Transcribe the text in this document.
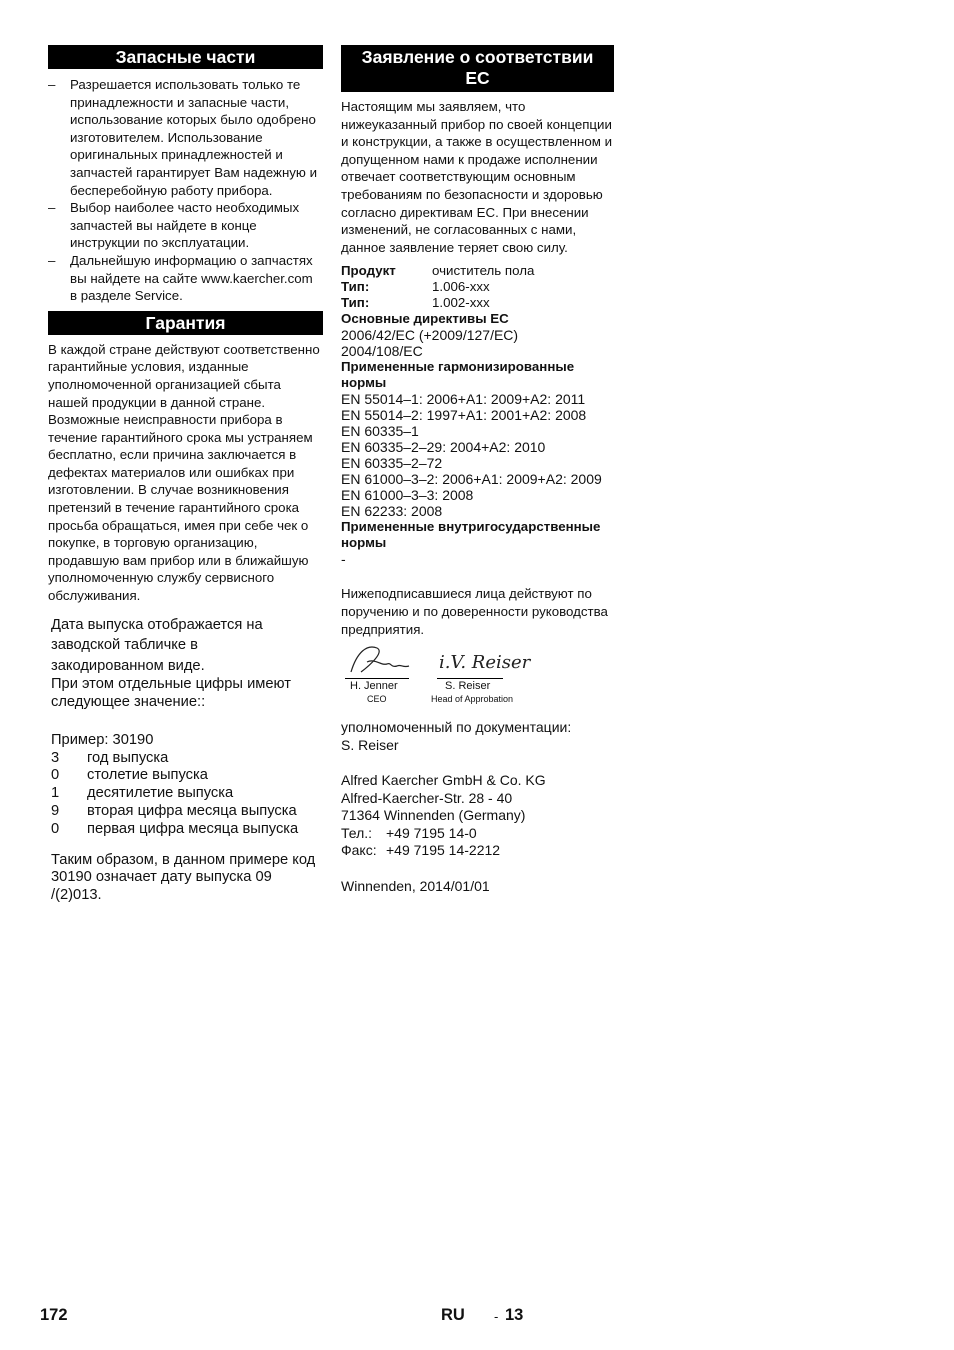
Запасные части
– Разрешается использовать только те принадлежности и запасные части, использование которых было одобрено изготовителем. Использование оригинальных принадлежностей и запчастей гарантирует Вам надежную и бесперебойную работу прибора.
– Выбор наиболее часто необходимых запчастей вы найдете в конце инструкции по эксплуатации.
– Дальнейшую информацию о запчастях вы найдете на сайте www.kaercher.com в разделе Service.
Гарантия

В каждой стране действуют соответственно гарантийные условия, изданные уполномоченной организацией сбыта нашей продукции в данной стране. Возможные неисправности прибора в течение гарантийного срока мы устраняем бесплатно, если причина заключается в дефектах материалов или ошибках при изготовлении. В случае возникновения претензий в течение гарантийного срока просьба обращаться, имея при себе чек о покупке, в торговую организацию, продавшую вам прибор или в ближайшую уполномоченную службу сервисного обслуживания.

Дата выпуска отображается на заводской табличке в закодированном виде.

При этом отдельные цифры имеют следующее значение::

Пример: 30190

3	год выпуска
0	столетие выпуска
1	десятилетие выпуска
9	вторая цифра месяца выпуска
0	первая цифра месяца выпуска

Таким образом, в данном примере код 30190 означает дату выпуска 09 /(2)013.

Заявление о соответствии ЕС

Настоящим мы заявляем, что нижеуказанный прибор по своей концепции и конструкции, а также в осуществленном и допущенном нами к продаже исполнении отвечает соответствующим основным требованиям по безопасности и здоровью согласно директивам ЕС. При внесении изменений, не согласованных с нами, данное заявление теряет свою силу.

Продукт	очиститель пола
Тип:	1.006-xxx
Тип:	1.002-xxx
Основные директивы ЕС
2006/42/EC (+2009/127/EC)
2004/108/EC
Примененные гармонизированные нормы
EN 55014–1: 2006+A1: 2009+A2: 2011
EN 55014–2: 1997+A1: 2001+A2: 2008
EN 60335–1
EN 60335–2–29: 2004+A2: 2010
EN 60335–2–72
EN 61000–3–2: 2006+A1: 2009+A2: 2009
EN 61000–3–3: 2008
EN 62233: 2008
Примененные внутригосударственные нормы
-

Нижеподписавшиеся лица действуют по поручению и по доверенности руководства предприятия.

H. Jenner
CEO
i.V. Reiser
S. Reiser
Head of Approbation
уполномоченный по документации:
S. Reiser
Alfred Kaercher GmbH & Co. KG
Alfred-Kaercher-Str. 28 - 40
71364 Winnenden (Germany)
Тел.: +49 7195 14-0
Факс: +49 7195 14-2212
Winnenden, 2014/01/01
172	RU - 13
